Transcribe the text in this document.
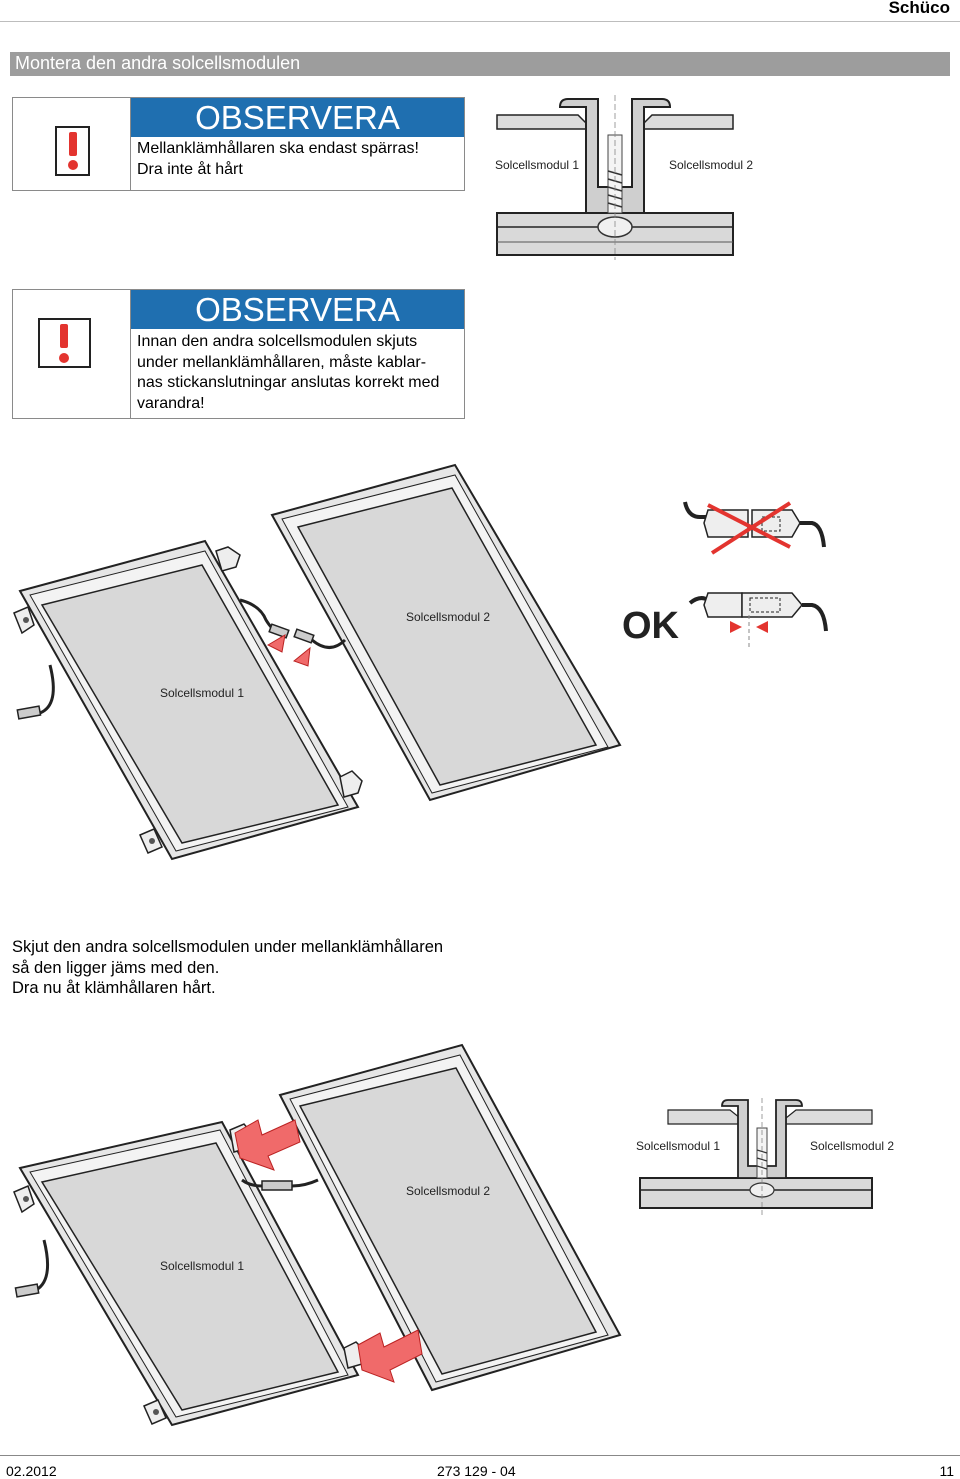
Schüco
Montera den andra solcellsmodulen
OBSERVERA
Mellanklämhållaren ska endast spärras!
Dra inte åt hårt
OBSERVERA
Innan den andra solcellsmodulen skjuts
under mellanklämhållaren, måste kablar-
nas stickanslutningar anslutas korrekt med
varandra!
Solcellsmodul 1	Solcellsmodul 2
Solcellsmodul 2
Solcellsmodul 1
OK
Skjut den andra solcellsmodulen under mellanklämhållaren
så den ligger jäms med den.
Dra nu åt klämhållaren hårt.
Solcellsmodul 2
Solcellsmodul 1
Solcellsmodul 1	Solcellsmodul 2
02.2012	273 129 - 04	11
